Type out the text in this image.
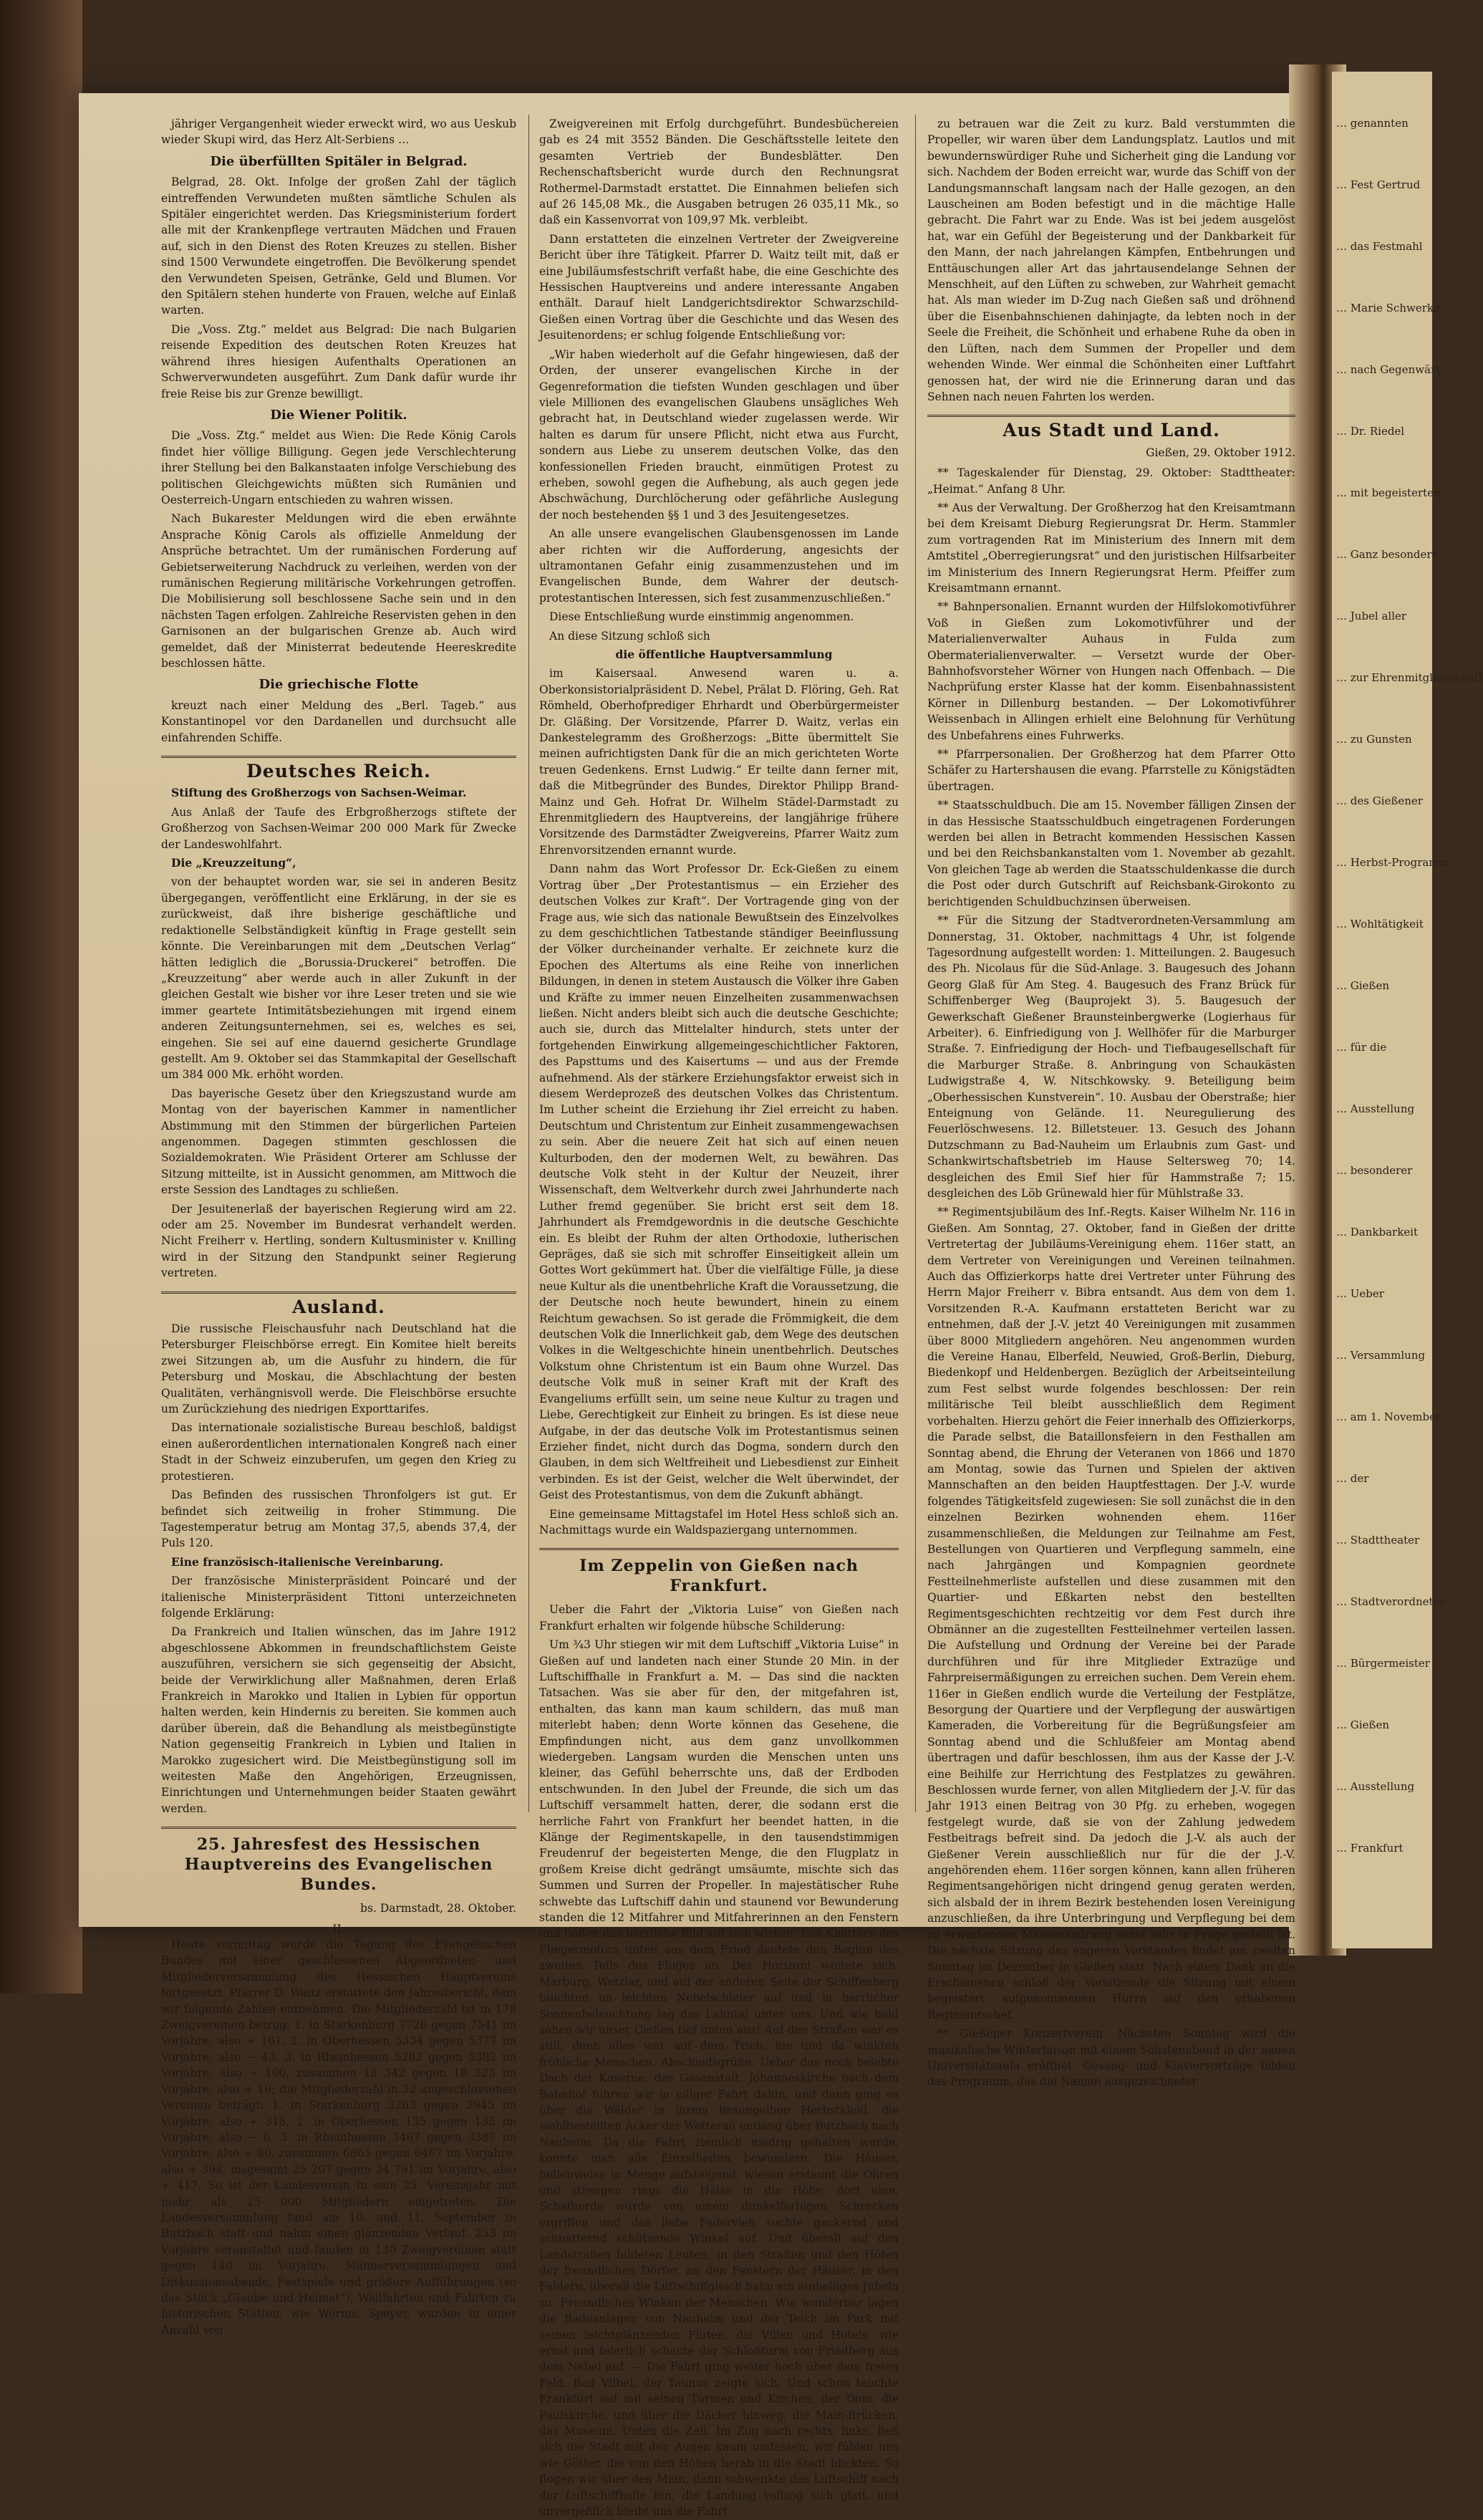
… genannten
… Fest Gertrud
… das Festmahl
… Marie Schwerke
… nach Gegenwärt
… Dr. Riedel
… mit begeisterten
… Ganz besonders
… Jubel aller
… zur Ehrenmitgliedschaft
… zu Gunsten
… des Gießener
… Herbst-Programm
… Wohltätigkeit
… Gießen
… für die
… Ausstellung
… besonderer
… Dankbarkeit
… Ueber
… Versammlung
… am 1. November
… der
… Stadttheater
… Stadtverordneten
… Bürgermeister
… Gießen
… Ausstellung
… Frankfurt

jähriger Vergangenheit wieder erweckt wird, wo aus Ueskub wieder Skupi wird, das Herz Alt-Serbiens …

Die überfüllten Spitäler in Belgrad.

Belgrad, 28. Okt. Infolge der großen Zahl der täglich eintreffenden Verwundeten mußten sämtliche Schulen als Spitäler eingerichtet werden. Das Kriegsministerium fordert alle mit der Krankenpflege vertrauten Mädchen und Frauen auf, sich in den Dienst des Roten Kreuzes zu stellen. Bisher sind 1500 Verwundete eingetroffen. Die Bevölkerung spendet den Verwundeten Speisen, Getränke, Geld und Blumen. Vor den Spitälern stehen hunderte von Frauen, welche auf Einlaß warten.

Die „Voss. Ztg.“ meldet aus Belgrad: Die nach Bulgarien reisende Expedition des deutschen Roten Kreuzes hat während ihres hiesigen Aufenthalts Operationen an Schwerverwundeten ausgeführt. Zum Dank dafür wurde ihr freie Reise bis zur Grenze bewilligt.

Die Wiener Politik.

Die „Voss. Ztg.“ meldet aus Wien: Die Rede König Carols findet hier völlige Billigung. Gegen jede Verschlechterung ihrer Stellung bei den Balkanstaaten infolge Verschiebung des politischen Gleichgewichts müßten sich Rumänien und Oesterreich-Ungarn entschieden zu wahren wissen.

Nach Bukarester Meldungen wird die eben erwähnte Ansprache König Carols als offizielle Anmeldung der Ansprüche betrachtet. Um der rumänischen Forderung auf Gebietserweiterung Nachdruck zu verleihen, werden von der rumänischen Regierung militärische Vorkehrungen getroffen. Die Mobilisierung soll beschlossene Sache sein und in den nächsten Tagen erfolgen. Zahlreiche Reservisten gehen in den Garnisonen an der bulgarischen Grenze ab. Auch wird gemeldet, daß der Ministerrat bedeutende Heereskredite beschlossen hätte.

Die griechische Flotte

kreuzt nach einer Meldung des „Berl. Tageb.“ aus Konstantinopel vor den Dardanellen und durchsucht alle einfahrenden Schiffe.

Deutsches Reich.

Stiftung des Großherzogs von Sachsen-Weimar.

Aus Anlaß der Taufe des Erbgroßherzogs stiftete der Großherzog von Sachsen-Weimar 200 000 Mark für Zwecke der Landeswohlfahrt.

Die „Kreuzzeitung“,

von der behauptet worden war, sie sei in anderen Besitz übergegangen, veröffentlicht eine Erklärung, in der sie es zurückweist, daß ihre bisherige geschäftliche und redaktionelle Selbständigkeit künftig in Frage gestellt sein könnte. Die Vereinbarungen mit dem „Deutschen Verlag“ hätten lediglich die „Borussia-Druckerei“ betroffen. Die „Kreuzzeitung“ aber werde auch in aller Zukunft in der gleichen Gestalt wie bisher vor ihre Leser treten und sie wie immer geartete Intimitätsbeziehungen mit irgend einem anderen Zeitungsunternehmen, sei es, welches es sei, eingehen. Sie sei auf eine dauernd gesicherte Grundlage gestellt. Am 9. Oktober sei das Stammkapital der Gesellschaft um 384 000 Mk. erhöht worden.

Das bayerische Gesetz über den Kriegszustand wurde am Montag von der bayerischen Kammer in namentlicher Abstimmung mit den Stimmen der bürgerlichen Parteien angenommen. Dagegen stimmten geschlossen die Sozialdemokraten. Wie Präsident Orterer am Schlusse der Sitzung mitteilte, ist in Aussicht genommen, am Mittwoch die erste Session des Landtages zu schließen.

Der Jesuitenerlaß der bayerischen Regierung wird am 22. oder am 25. November im Bundesrat verhandelt werden. Nicht Freiherr v. Hertling, sondern Kultusminister v. Knilling wird in der Sitzung den Standpunkt seiner Regierung vertreten.

Ausland.

Die russische Fleischausfuhr nach Deutschland hat die Petersburger Fleischbörse erregt. Ein Komitee hielt bereits zwei Sitzungen ab, um die Ausfuhr zu hindern, die für Petersburg und Moskau, die Abschlachtung der besten Qualitäten, verhängnisvoll werde. Die Fleischbörse ersuchte um Zurückziehung des niedrigen Exporttarifes.

Das internationale sozialistische Bureau beschloß, baldigst einen außerordentlichen internationalen Kongreß nach einer Stadt in der Schweiz einzuberufen, um gegen den Krieg zu protestieren.

Das Befinden des russischen Thronfolgers ist gut. Er befindet sich zeitweilig in froher Stimmung. Die Tagestemperatur betrug am Montag 37,5, abends 37,4, der Puls 120.

Eine französisch-italienische Vereinbarung.

Der französische Ministerpräsident Poincaré und der italienische Ministerpräsident Tittoni unterzeichneten folgende Erklärung:

Da Frankreich und Italien wünschen, das im Jahre 1912 abgeschlossene Abkommen in freundschaftlichstem Geiste auszuführen, versichern sie sich gegenseitig der Absicht, beide der Verwirklichung aller Maßnahmen, deren Erlaß Frankreich in Marokko und Italien in Lybien für opportun halten werden, kein Hindernis zu bereiten. Sie kommen auch darüber überein, daß die Behandlung als meistbegünstigte Nation gegenseitig Frankreich in Lybien und Italien in Marokko zugesichert wird. Die Meistbegünstigung soll im weitesten Maße den Angehörigen, Erzeugnissen, Einrichtungen und Unternehmungen beider Staaten gewährt werden.

25. Jahresfest des Hessischen Hauptvereins des Evangelischen Bundes.
bs. Darmstadt, 28. Oktober.
II.

Heute vormittag wurde die Tagung des Evangelischen Bundes mit einer geschlossenen Abgeordneten- und Mitgliederversammlung des Hessischen Hauptvereins fortgesetzt. Pfarrer D. Waitz erstattete den Jahresbericht, dem wir folgende Zahlen entnehmen. Die Mitgliederzahl ist in 178 Zweigvereinen betrug: 1. in Starkenburg 7726 gegen 7541 im Vorjahre, also + 161, 2. in Oberhessen 5334 gegen 5377 im Vorjahre, also − 43, 3. in Rheinhessen 5282 gegen 5382 im Vorjahre, also − 100, zusammen 18 342 gegen 18 323 im Vorjahre, also + 19; die Mitgliederzahl in 32 angeschlossenen Vereinen beträgt: 1. in Starkenburg 3263 gegen 2945 im Vorjahre, also + 318, 2. in Oberhessen 135 gegen 135 im Vorjahre, also − 0, 3. in Rheinhessen 3467 gegen 3387 im Vorjahre, also + 80, zusammen 6865 gegen 6467 im Vorjahre, also + 398, insgesamt 25 207 gegen 24 791 im Vorjahre, also + 417. So ist der Landesverein in sein 25. Vereinsjahr mit mehr als 25 000 Mitgliedern eingetreten. Die Landesversammlung fand am 10. und 11. September in Butzbach statt und nahm einen glänzenden Verlauf. 253 im Vorjahre veranstaltet und fanden in 130 Zweigvereinen statt gegen 140 im Vorjahre. Männerversammlungen und Diskussionsabende, Festspiele und größere Aufführungen (so das Stück „Glaube und Heimat“), Wallfahrten und Fahrten zu historischen Stätten, wie Worms, Speyer, wurden in einer Anzahl von

Zweigvereinen mit Erfolg durchgeführt. Bundesbüchereien gab es 24 mit 3552 Bänden. Die Geschäftsstelle leitete den gesamten Vertrieb der Bundesblätter. Den Rechenschaftsbericht wurde durch den Rechnungsrat Rothermel-Darmstadt erstattet. Die Einnahmen beliefen sich auf 26 145,08 Mk., die Ausgaben betrugen 26 035,11 Mk., so daß ein Kassenvorrat von 109,97 Mk. verbleibt.

Dann erstatteten die einzelnen Vertreter der Zweigvereine Bericht über ihre Tätigkeit. Pfarrer D. Waitz teilt mit, daß er eine Jubiläumsfestschrift verfaßt habe, die eine Geschichte des Hessischen Hauptvereins und andere interessante Angaben enthält. Darauf hielt Landgerichtsdirektor Schwarzschild-Gießen einen Vortrag über die Geschichte und das Wesen des Jesuitenordens; er schlug folgende Entschließung vor:

„Wir haben wiederholt auf die Gefahr hingewiesen, daß der Orden, der unserer evangelischen Kirche in der Gegenreformation die tiefsten Wunden geschlagen und über viele Millionen des evangelischen Glaubens unsägliches Weh gebracht hat, in Deutschland wieder zugelassen werde. Wir halten es darum für unsere Pflicht, nicht etwa aus Furcht, sondern aus Liebe zu unserem deutschen Volke, das den konfessionellen Frieden braucht, einmütigen Protest zu erheben, sowohl gegen die Aufhebung, als auch gegen jede Abschwächung, Durchlöcherung oder gefährliche Auslegung der noch bestehenden §§ 1 und 3 des Jesuitengesetzes.

An alle unsere evangelischen Glaubensgenossen im Lande aber richten wir die Aufforderung, angesichts der ultramontanen Gefahr einig zusammenzustehen und im Evangelischen Bunde, dem Wahrer der deutsch-protestantischen Interessen, sich fest zusammenzuschließen.“

Diese Entschließung wurde einstimmig angenommen.

An diese Sitzung schloß sich

die öffentliche Hauptversammlung

im Kaisersaal. Anwesend waren u. a. Oberkonsistorialpräsident D. Nebel, Prälat D. Flöring, Geh. Rat Römheld, Oberhofprediger Ehrhardt und Oberbürgermeister Dr. Gläßing. Der Vorsitzende, Pfarrer D. Waitz, verlas ein Dankestelegramm des Großherzogs: „Bitte übermittelt Sie meinen aufrichtigsten Dank für die an mich gerichteten Worte treuen Gedenkens. Ernst Ludwig.“ Er teilte dann ferner mit, daß die Mitbegründer des Bundes, Direktor Philipp Brand-Mainz und Geh. Hofrat Dr. Wilhelm Städel-Darmstadt zu Ehrenmitgliedern des Hauptvereins, der langjährige frühere Vorsitzende des Darmstädter Zweigvereins, Pfarrer Waitz zum Ehrenvorsitzenden ernannt wurde.

Dann nahm das Wort Professor Dr. Eck-Gießen zu einem Vortrag über „Der Protestantismus — ein Erzieher des deutschen Volkes zur Kraft“. Der Vortragende ging von der Frage aus, wie sich das nationale Bewußtsein des Einzelvolkes zu dem geschichtlichen Tatbestande ständiger Beeinflussung der Völker durcheinander verhalte. Er zeichnete kurz die Epochen des Altertums als eine Reihe von innerlichen Bildungen, in denen in stetem Austausch die Völker ihre Gaben und Kräfte zu immer neuen Einzelheiten zusammenwachsen ließen. Nicht anders bleibt sich auch die deutsche Geschichte; auch sie, durch das Mittelalter hindurch, stets unter der fortgehenden Einwirkung allgemeingeschichtlicher Faktoren, des Papsttums und des Kaisertums — und aus der Fremde aufnehmend. Als der stärkere Erziehungsfaktor erweist sich in diesem Werdeprozeß des deutschen Volkes das Christentum. Im Luther scheint die Erziehung ihr Ziel erreicht zu haben. Deutschtum und Christentum zur Einheit zusammengewachsen zu sein. Aber die neuere Zeit hat sich auf einen neuen Kulturboden, den der modernen Welt, zu bewähren. Das deutsche Volk steht in der Kultur der Neuzeit, ihrer Wissenschaft, dem Weltverkehr durch zwei Jahrhunderte nach Luther fremd gegenüber. Sie bricht erst seit dem 18. Jahrhundert als Fremdgewordnis in die deutsche Geschichte ein. Es bleibt der Ruhm der alten Orthodoxie, lutherischen Gepräges, daß sie sich mit schroffer Einseitigkeit allein um Gottes Wort gekümmert hat. Über die vielfältige Fülle, ja diese neue Kultur als die unentbehrliche Kraft die Voraussetzung, die der Deutsche noch heute bewundert, hinein zu einem Reichtum gewachsen. So ist gerade die Frömmigkeit, die dem deutschen Volk die Innerlichkeit gab, dem Wege des deutschen Volkes in die Weltgeschichte hinein unentbehrlich. Deutsches Volkstum ohne Christentum ist ein Baum ohne Wurzel. Das deutsche Volk muß in seiner Kraft mit der Kraft des Evangeliums erfüllt sein, um seine neue Kultur zu tragen und Liebe, Gerechtigkeit zur Einheit zu bringen. Es ist diese neue Aufgabe, in der das deutsche Volk im Protestantismus seinen Erzieher findet, nicht durch das Dogma, sondern durch den Glauben, in dem sich Weltfreiheit und Liebesdienst zur Einheit verbinden. Es ist der Geist, welcher die Welt überwindet, der Geist des Protestantismus, von dem die Zukunft abhängt.

Eine gemeinsame Mittagstafel im Hotel Hess schloß sich an. Nachmittags wurde ein Waldspaziergang unternommen.

Im Zeppelin von Gießen nach Frankfurt.

Ueber die Fahrt der „Viktoria Luise“ von Gießen nach Frankfurt erhalten wir folgende hübsche Schilderung:

Um ¾3 Uhr stiegen wir mit dem Luftschiff „Viktoria Luise“ in Gießen auf und landeten nach einer Stunde 20 Min. in der Luftschiffhalle in Frankfurt a. M. — Das sind die nackten Tatsachen. Was sie aber für den, der mitgefahren ist, enthalten, das kann man kaum schildern, das muß man miterlebt haben; denn Worte können das Gesehene, die Empfindungen nicht, aus dem ganz unvollkommen wiedergeben. Langsam wurden die Menschen unten uns kleiner, das Gefühl beherrschte uns, daß der Erdboden entschwunden. In den Jubel der Freunde, die sich um das Luftschiff versammelt hatten, derer, die sodann erst die herrliche Fahrt von Frankfurt her beendet hatten, in die Klänge der Regimentskapelle, in den tausendstimmigen Freudenruf der begeisterten Menge, die den Flugplatz in großem Kreise dicht gedrängt umsäumte, mischte sich das Summen und Surren der Propeller. In majestätischer Ruhe schwebte das Luftschiff dahin und staunend vor Bewunderung standen die 12 Mitfahrer und Mitfahrerinnen an den Fenstern und ließen das herrliche Bild auf sich wirken. Das Knattern des Fliegermotors unten aus dem Fried deutete den Beginn des zweiten Teils des Fluges an. Der Horizont weitete sich. Marburg, Wetzlar, und auf der anderen Seite der Schiffenberg tauchten im leichten Nebelschleier auf und in herrlicher Sonnenbeleuchtung lag das Lahntal unter uns. Und wie bald sahen wir unser Gießen tief unten aus! Auf den Straßen war es still, denn alles war auf dem Trieb, hie und da winkten fröhliche Menschen. Abschiedsgrüße. Ueber das noch belebte Dach der Kaserne, des Gasanstalt, Johanneskirche nach dem Bahnhof fuhren wir in eiliger Fahrt dahin, und dann ging es über die Wälder in ihrem braungelben Herbstkleid, die wohlbestellten Äcker der Wetterau entlang über Butzbach nach Nauheim. Da die Fahrt ziemlich niedrig gehalten wurde, konnte man alle Einzelheiten bewundern. Die Häuser, hellenweise in Menge aufsteigend, wiesen erstaunt die Ohren und strengen rings die Hälse in die Höhe; dort eine, Schafherde wurde von einem dunkelfarbigen Schrecken ergriffen und das liebe Federvieh suchte gackernd und schnatternd schützende Winkel auf. Und überall auf den Landstraßen bildeten Leuten, in den Straßen und den Höfen der freundlichen Dörfer, an den Fenstern der Häuser, in den Feldern, überall die Luftschiffgleich bahn ein einhelliges Jubeln zu. Freundliches Winken der Menschen. Wie wunderbar lagen die Badeanlagen von Nauheim und der Teich im Park mit seinen leichtglänzenden Fluten, die Villen und Hotels, wie ernst und feierlich schaute der Schloßturm von Friedberg aus dem Nebel auf. — Die Fahrt ging weiter hoch über dem freien Feld. Bad Vilbel, der Taunus zeigte sich. Und schon tauchte Frankfurt auf mit seinen Türmen und Kirchen, der Dom, die Paulskirche, und über die Dächer hinweg, die Main-Brücken, das Museum. Unten die Zeil. Im Zug nach rechts, links, ließ sich die Stadt mit den Augen kaum umfassen, wir fühlen uns wie Götter, die von den Höhen herab in die Stadt blickten. So flogen wir über den Main, dann schwenkte das Luftschiff nach der Luftschiffhalle hin, die Landung vollzog sich glatt, und unvergeßlich bleibt uns die Fahrt.

zu betrauen war die Zeit zu kurz. Bald verstummten die Propeller, wir waren über dem Landungsplatz. Lautlos und mit bewundernswürdiger Ruhe und Sicherheit ging die Landung vor sich. Nachdem der Boden erreicht war, wurde das Schiff von der Landungsmannschaft langsam nach der Halle gezogen, an den Lauscheinen am Boden befestigt und in die mächtige Halle gebracht. Die Fahrt war zu Ende. Was ist bei jedem ausgelöst hat, war ein Gefühl der Begeisterung und der Dankbarkeit für den Mann, der nach jahrelangen Kämpfen, Entbehrungen und Enttäuschungen aller Art das jahrtausendelange Sehnen der Menschheit, auf den Lüften zu schweben, zur Wahrheit gemacht hat. Als man wieder im D-Zug nach Gießen saß und dröhnend über die Eisenbahnschienen dahinjagte, da lebten noch in der Seele die Freiheit, die Schönheit und erhabene Ruhe da oben in den Lüften, nach dem Summen der Propeller und dem wehenden Winde. Wer einmal die Schönheiten einer Luftfahrt genossen hat, der wird nie die Erinnerung daran und das Sehnen nach neuen Fahrten los werden.

Aus Stadt und Land.
Gießen, 29. Oktober 1912.

** Tageskalender für Dienstag, 29. Oktober: Stadttheater: „Heimat.“ Anfang 8 Uhr.

** Aus der Verwaltung. Der Großherzog hat den Kreisamtmann bei dem Kreisamt Dieburg Regierungsrat Dr. Herm. Stammler zum vortragenden Rat im Ministerium des Innern mit dem Amtstitel „Oberregierungsrat“ und den juristischen Hilfsarbeiter im Ministerium des Innern Regierungsrat Herm. Pfeiffer zum Kreisamtmann ernannt.

** Bahnpersonalien. Ernannt wurden der Hilfslokomotivführer Voß in Gießen zum Lokomotivführer und der Materialienverwalter Auhaus in Fulda zum Obermaterialienverwalter. — Versetzt wurde der Ober-Bahnhofsvorsteher Wörner von Hungen nach Offenbach. — Die Nachprüfung erster Klasse hat der komm. Eisenbahnassistent Körner in Dillenburg bestanden. — Der Lokomotivführer Weissenbach in Allingen erhielt eine Belohnung für Verhütung des Unbefahrens eines Fuhrwerks.

** Pfarrpersonalien. Der Großherzog hat dem Pfarrer Otto Schäfer zu Hartershausen die evang. Pfarrstelle zu Königstädten übertragen.

** Staatsschuldbuch. Die am 15. November fälligen Zinsen der in das Hessische Staatsschuldbuch eingetragenen Forderungen werden bei allen in Betracht kommenden Hessischen Kassen und bei den Reichsbankanstalten vom 1. November ab gezahlt. Von gleichen Tage ab werden die Staatsschuldenkasse die durch die Post oder durch Gutschrift auf Reichsbank-Girokonto zu berichtigenden Schuldbuchzinsen überweisen.

** Für die Sitzung der Stadtverordneten-Versammlung am Donnerstag, 31. Oktober, nachmittags 4 Uhr, ist folgende Tagesordnung aufgestellt worden: 1. Mitteilungen. 2. Baugesuch des Ph. Nicolaus für die Süd-Anlage. 3. Baugesuch des Johann Georg Glaß für Am Steg. 4. Baugesuch des Franz Brück für Schiffenberger Weg (Bauprojekt 3). 5. Baugesuch der Gewerkschaft Gießener Braunsteinbergwerke (Logierhaus für Arbeiter). 6. Einfriedigung von J. Wellhöfer für die Marburger Straße. 7. Einfriedigung der Hoch- und Tiefbaugesellschaft für die Marburger Straße. 8. Anbringung von Schaukästen Ludwigstraße 4, W. Nitschkowsky. 9. Beteiligung beim „Oberhessischen Kunstverein“. 10. Ausbau der Oberstraße; hier Enteignung von Gelände. 11. Neuregulierung des Feuerlöschwesens. 12. Billetsteuer. 13. Gesuch des Johann Dutzschmann zu Bad-Nauheim um Erlaubnis zum Gast- und Schankwirtschaftsbetrieb im Hause Seltersweg 70; 14. desgleichen des Emil Sief hier für Hammstraße 7; 15. desgleichen des Löb Grünewald hier für Mühlstraße 33.

** Regimentsjubiläum des Inf.-Regts. Kaiser Wilhelm Nr. 116 in Gießen. Am Sonntag, 27. Oktober, fand in Gießen der dritte Vertretertag der Jubiläums-Vereinigung ehem. 116er statt, an dem Vertreter von Vereinigungen und Vereinen teilnahmen. Auch das Offizierkorps hatte drei Vertreter unter Führung des Herrn Major Freiherr v. Bibra entsandt. Aus dem von dem 1. Vorsitzenden R.-A. Kaufmann erstatteten Bericht war zu entnehmen, daß der J.-V. jetzt 40 Vereinigungen mit zusammen über 8000 Mitgliedern angehören. Neu angenommen wurden die Vereine Hanau, Elberfeld, Neuwied, Groß-Berlin, Dieburg, Biedenkopf und Heldenbergen. Bezüglich der Arbeitseinteilung zum Fest selbst wurde folgendes beschlossen: Der rein militärische Teil bleibt ausschließlich dem Regiment vorbehalten. Hierzu gehört die Feier innerhalb des Offizierkorps, die Parade selbst, die Bataillonsfeiern in den Festhallen am Sonntag abend, die Ehrung der Veteranen von 1866 und 1870 am Montag, sowie das Turnen und Spielen der aktiven Mannschaften an den beiden Hauptfesttagen. Der J.-V. wurde folgendes Tätigkeitsfeld zugewiesen: Sie soll zunächst die in den einzelnen Bezirken wohnenden ehem. 116er zusammenschließen, die Meldungen zur Teilnahme am Fest, Bestellungen von Quartieren und Verpflegung sammeln, eine nach Jahrgängen und Kompagnien geordnete Festteilnehmerliste aufstellen und diese zusammen mit den Quartier- und Eßkarten nebst den bestellten Regimentsgeschichten rechtzeitig vor dem Fest durch ihre Obmänner an die zugestellten Festteilnehmer verteilen lassen. Die Aufstellung und Ordnung der Vereine bei der Parade durchführen und für ihre Mitglieder Extrazüge und Fahrpreisermäßigungen zu erreichen suchen. Dem Verein ehem. 116er in Gießen endlich wurde die Verteilung der Festplätze, Besorgung der Quartiere und der Verpflegung der auswärtigen Kameraden, die Vorbereitung für die Begrüßungsfeier am Sonntag abend und die Schlußfeier am Montag abend übertragen und dafür beschlossen, ihm aus der Kasse der J.-V. eine Beihilfe zur Herrichtung des Festplatzes zu gewähren. Beschlossen wurde ferner, von allen Mitgliedern der J.-V. für das Jahr 1913 einen Beitrag von 30 Pfg. zu erheben, wogegen festgelegt wurde, daß sie von der Zahlung jedwedem Festbeitrags befreit sind. Da jedoch die J.-V. als auch der Gießener Verein ausschließlich nur für die der J.-V. angehörenden ehem. 116er sorgen können, kann allen früheren Regimentsangehörigen nicht dringend genug geraten werden, sich alsbald der in ihrem Bezirk bestehenden losen Vereinigung anzuschließen, da ihre Unterbringung und Verpflegung bei dem zu erwartenden Massenandrang sonst sehr in Frage gestellt ist. Die nächste Sitzung des engeren Vorstandes findet am zweiten Sonntag im Dezember in Gießen statt. Nach einem Dank an die Erschienenen schloß der Vorsitzende die Sitzung mit einem begeistert aufgenommenen Hurra auf den erhabenen Regimentschef.

** Gießener Konzertverein. Nächsten Sonntag wird die musikalische Winterfaison mit einem Solistenabend in der neuen Universitätsaula eröffnet. Gesang- und Klaviervorträge bilden das Programm, das die Namen ausgezeichneter
